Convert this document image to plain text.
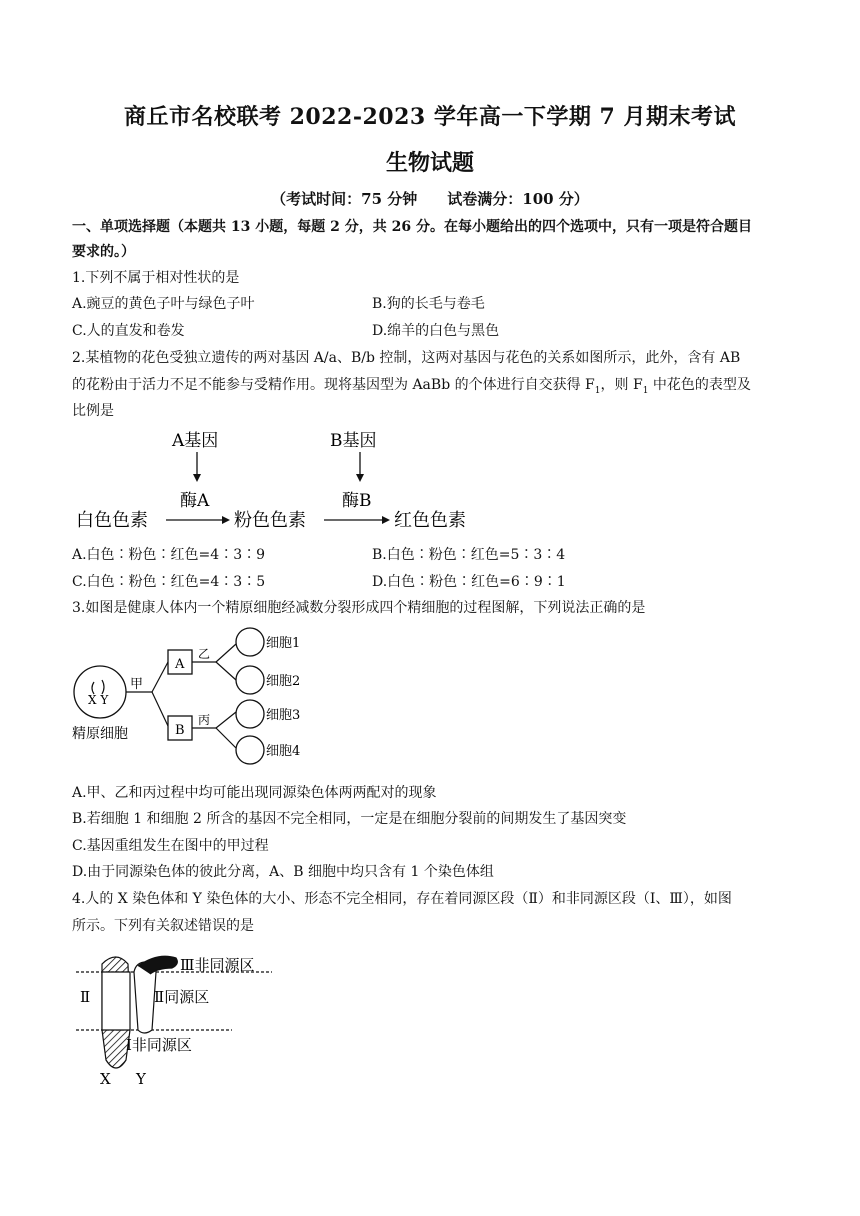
商丘市名校联考 2022-2023 学年高一下学期 7 月期末考试
生物试题
（考试时间：75 分钟　　试卷满分：100 分）
一、单项选择题（本题共 13 小题，每题 2 分，共 26 分。在每小题给出的四个选项中，只有一项是符合题目
要求的。）
1.下列不属于相对性状的是
A.豌豆的黄色子叶与绿色子叶	B.狗的长毛与卷毛
C.人的直发和卷发	D.绵羊的白色与黑色
2.某植物的花色受独立遗传的两对基因 A/a、B/b 控制，这两对基因与花色的关系如图所示，此外，含有 AB
的花粉由于活力不足不能参与受精作用。现将基因型为 AaBb 的个体进行自交获得 $F_1$，则 $F_1$ 中花色的表型及
比例是
A基因	B基因
酶A	酶B
白色色素	粉色色素	红色色素
A.白色∶粉色∶红色=4∶3∶9	B.白色∶粉色∶红色=5∶3∶4
C.白色∶粉色∶红色=4∶3∶5	D.白色∶粉色∶红色=6∶9∶1
3.如图是健康人体内一个精原细胞经减数分裂形成四个精细胞的过程图解，下列说法正确的是
X Y
精原细胞
甲
A
B
乙
丙
细胞1
细胞2
细胞3
细胞4
A.甲、乙和丙过程中均可能出现同源染色体两两配对的现象
B.若细胞 1 和细胞 2 所含的基因不完全相同，一定是在细胞分裂前的间期发生了基因突变
C.基因重组发生在图中的甲过程
D.由于同源染色体的彼此分离，A、B 细胞中均只含有 1 个染色体组
4.人的 X 染色体和 Y 染色体的大小、形态不完全相同，存在着同源区段（Ⅱ）和非同源区段（Ⅰ、Ⅲ），如图
所示。下列有关叙述错误的是
Ⅲ非同源区
Ⅱ	Ⅱ同源区
Ⅰ非同源区
X Y
